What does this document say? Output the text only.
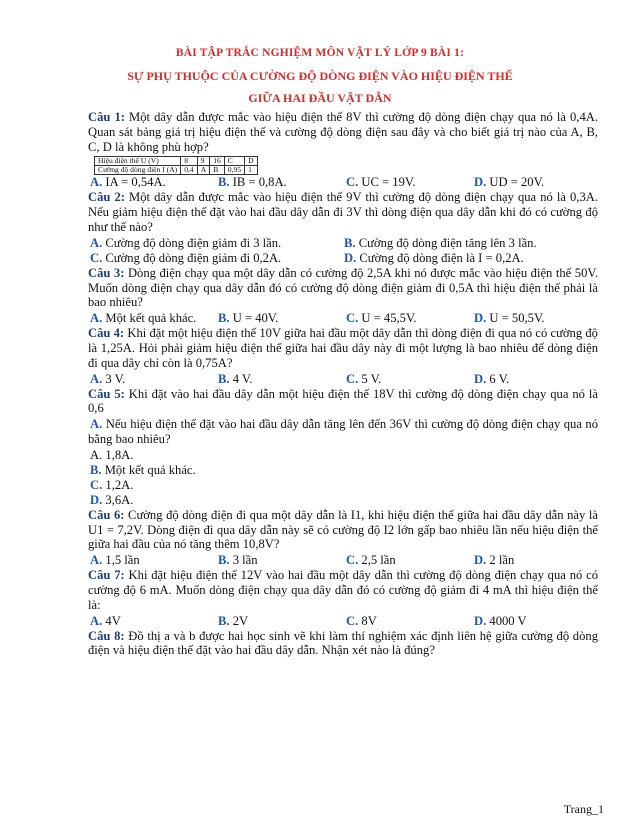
BÀI TẬP TRẮC NGHIỆM MÔN VẬT LÝ LỚP 9 BÀI 1:
SỰ PHỤ THUỘC CỦA CƯỜNG ĐỘ DÒNG ĐIỆN VÀO HIỆU ĐIỆN THẾ
GIỮA HAI ĐẦU VẬT DẪN

Câu 1: Một dây dẫn được mắc vào hiệu điện thế 8V thì cường độ dòng điện chạy qua nó là 0,4A. Quan sát bảng giá trị hiệu điện thế và cường độ dòng điện sau đây và cho biết giá trị nào của A, B, C, D là không phù hợp?

Hiệu điện thế U (V)	8	9	16	C	D
Cường độ dòng điện I (A)	0,4	A	B	0,95	1
A. IA = 0,54A.	B. IB = 0,8A.	C. UC = 19V.	D. UD = 20V.

Câu 2: Một dây dẫn được mắc vào hiệu điện thế 9V thì cường độ dòng điện chạy qua nó là 0,3A. Nếu giảm hiệu điện thế đặt vào hai đầu dây dẫn đi 3V thì dòng điện qua dây dẫn khi đó có cường độ như thế nào?

A. Cường độ dòng điện giảm đi 3 lần.	B. Cường độ dòng điện tăng lên 3 lần.
C. Cường độ dòng điện giảm đi 0,2A.	D. Cường độ dòng điện là I = 0,2A.

Câu 3: Dòng điện chạy qua một dây dẫn có cường độ 2,5A khi nó được mắc vào hiệu điện thế 50V. Muốn dòng điện chạy qua dây dẫn đó có cường độ dòng điện giảm đi 0,5A thì hiệu điện thế phải là bao nhiêu?

A. Một kết quả khác.	B. U = 40V.	C. U = 45,5V.	D. U = 50,5V.

Câu 4: Khi đặt một hiệu điện thế 10V giữa hai đầu một dây dẫn thì dòng điện đi qua nó có cường độ là 1,25A. Hỏi phải giảm hiệu điện thế giữa hai đầu dây này đi một lượng là bao nhiêu để dòng điện đi qua dây chỉ còn là 0,75A?

A. 3 V.	B. 4 V.	C. 5 V.	D. 6 V.

Câu 5: Khi đặt vào hai đầu dây dẫn một hiệu điện thế 18V thì cường độ dòng điện chạy qua nó là 0,6

A. Nếu hiệu điện thế đặt vào hai đầu dây dẫn tăng lên đến 36V thì cường độ dòng điện chạy qua nó bằng bao nhiêu?

A. 1,8A.
B. Một kết quả khác.
C. 1,2A.
D. 3,6A.

Câu 6: Cường độ dòng điện đi qua một dây dẫn là I1, khi hiệu điện thế giữa hai đầu dây dẫn này là U1 = 7,2V. Dòng điện đi qua dây dẫn này sẽ có cường độ I2 lớn gấp bao nhiêu lần nếu hiệu điện thế giữa hai đầu của nó tăng thêm 10,8V?

A. 1,5 lần	B. 3 lần	C. 2,5 lần	D. 2 lần

Câu 7: Khi đặt hiệu điện thế 12V vào hai đầu một dây dẫn thì cường độ dòng điện chạy qua nó có cường độ 6 mA. Muốn dòng điện chạy qua dây dẫn đó có cường độ giảm đi 4 mA thì hiệu điện thế là:

A. 4V	B. 2V	C. 8V	D. 4000 V

Câu 8: Đồ thị a và b được hai học sinh vẽ khi làm thí nghiệm xác định liên hệ giữa cường độ dòng điện và hiệu điện thế đặt vào hai đầu dây dẫn. Nhận xét nào là đúng?

Trang_1
